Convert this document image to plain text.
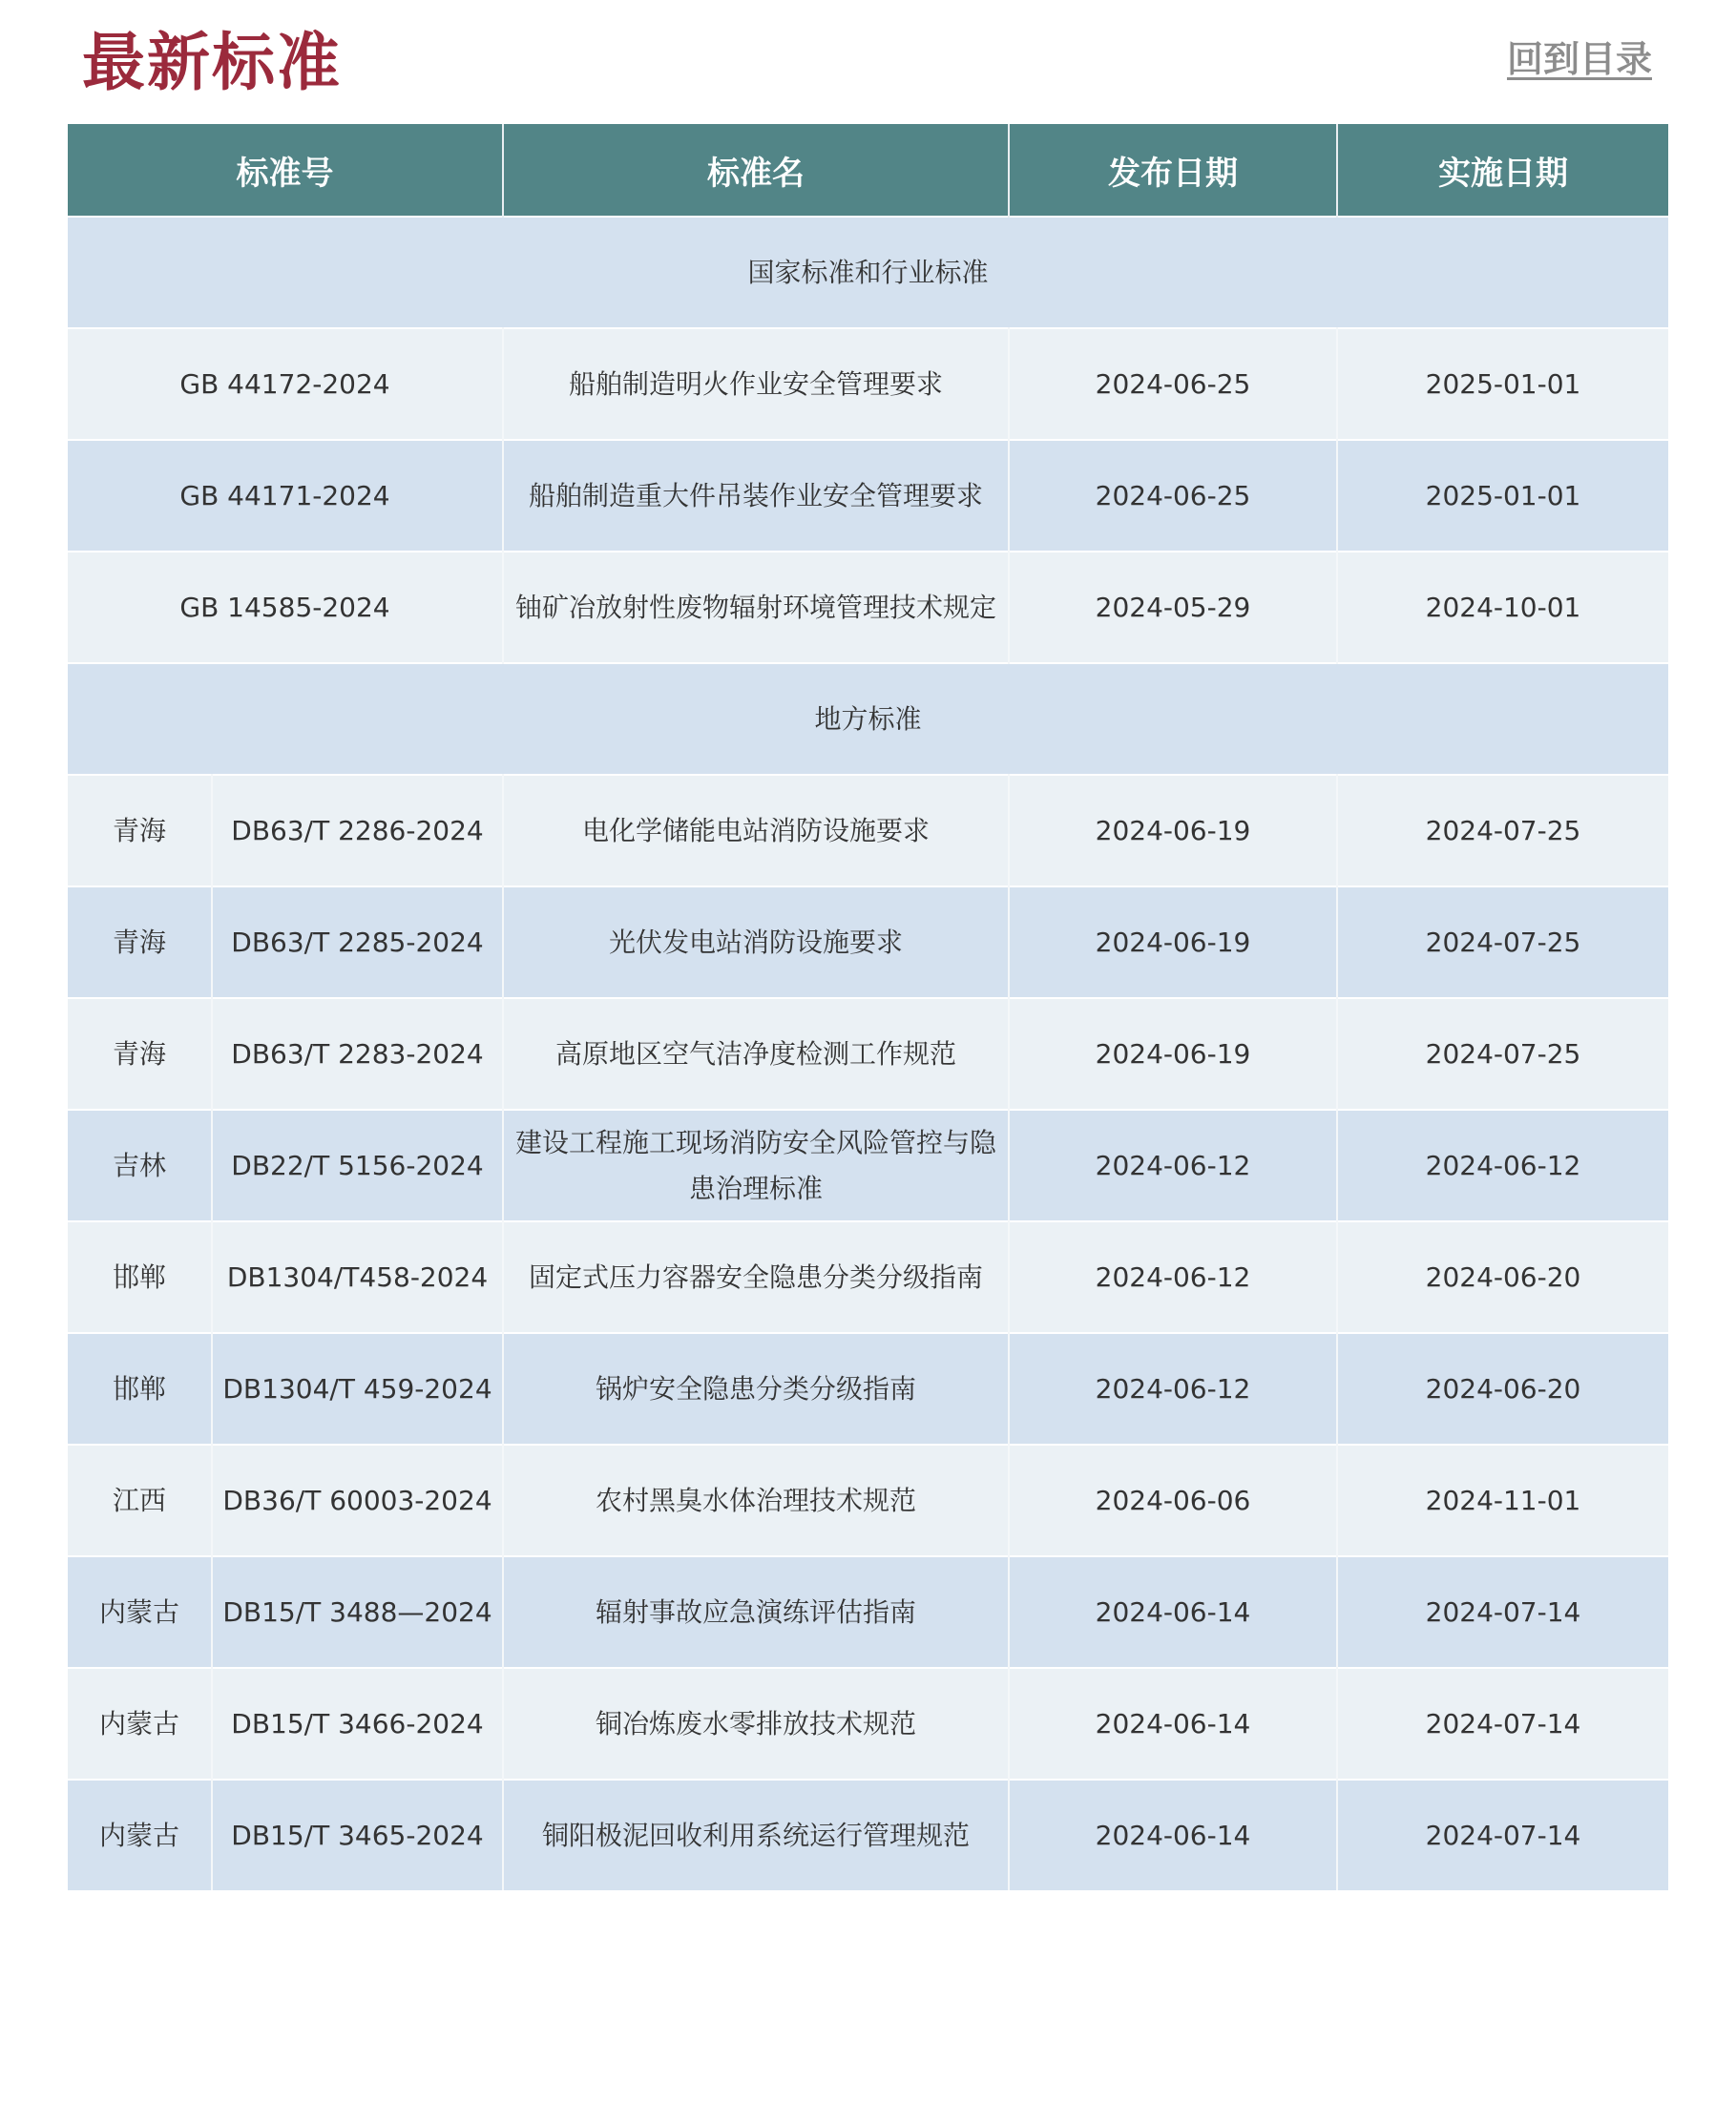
最新标准	回到目录
标准号		标准名	发布日期	实施日期
国家标准和行业标准				
GB 44172-2024		船舶制造明火作业安全管理要求	2024-06-25	2025-01-01
GB 44171-2024		船舶制造重大件吊装作业安全管理要求	2024-06-25	2025-01-01
GB 14585-2024		铀矿冶放射性废物辐射环境管理技术规定	2024-05-29	2024-10-01
地方标准				
青海	DB63/T 2286-2024	电化学储能电站消防设施要求	2024-06-19	2024-07-25
青海	DB63/T 2285-2024	光伏发电站消防设施要求	2024-06-19	2024-07-25
青海	DB63/T 2283-2024	高原地区空气洁净度检测工作规范	2024-06-19	2024-07-25
吉林	DB22/T 5156-2024	建设工程施工现场消防安全风险管控与隐患治理标准	2024-06-12	2024-06-12
邯郸	DB1304/T458-2024	固定式压力容器安全隐患分类分级指南	2024-06-12	2024-06-20
邯郸	DB1304/T 459-2024	锅炉安全隐患分类分级指南	2024-06-12	2024-06-20
江西	DB36/T 60003-2024	农村黑臭水体治理技术规范	2024-06-06	2024-11-01
内蒙古	DB15/T 3488—2024	辐射事故应急演练评估指南	2024-06-14	2024-07-14
内蒙古	DB15/T 3466-2024	铜冶炼废水零排放技术规范	2024-06-14	2024-07-14
内蒙古	DB15/T 3465-2024	铜阳极泥回收利用系统运行管理规范	2024-06-14	2024-07-14
